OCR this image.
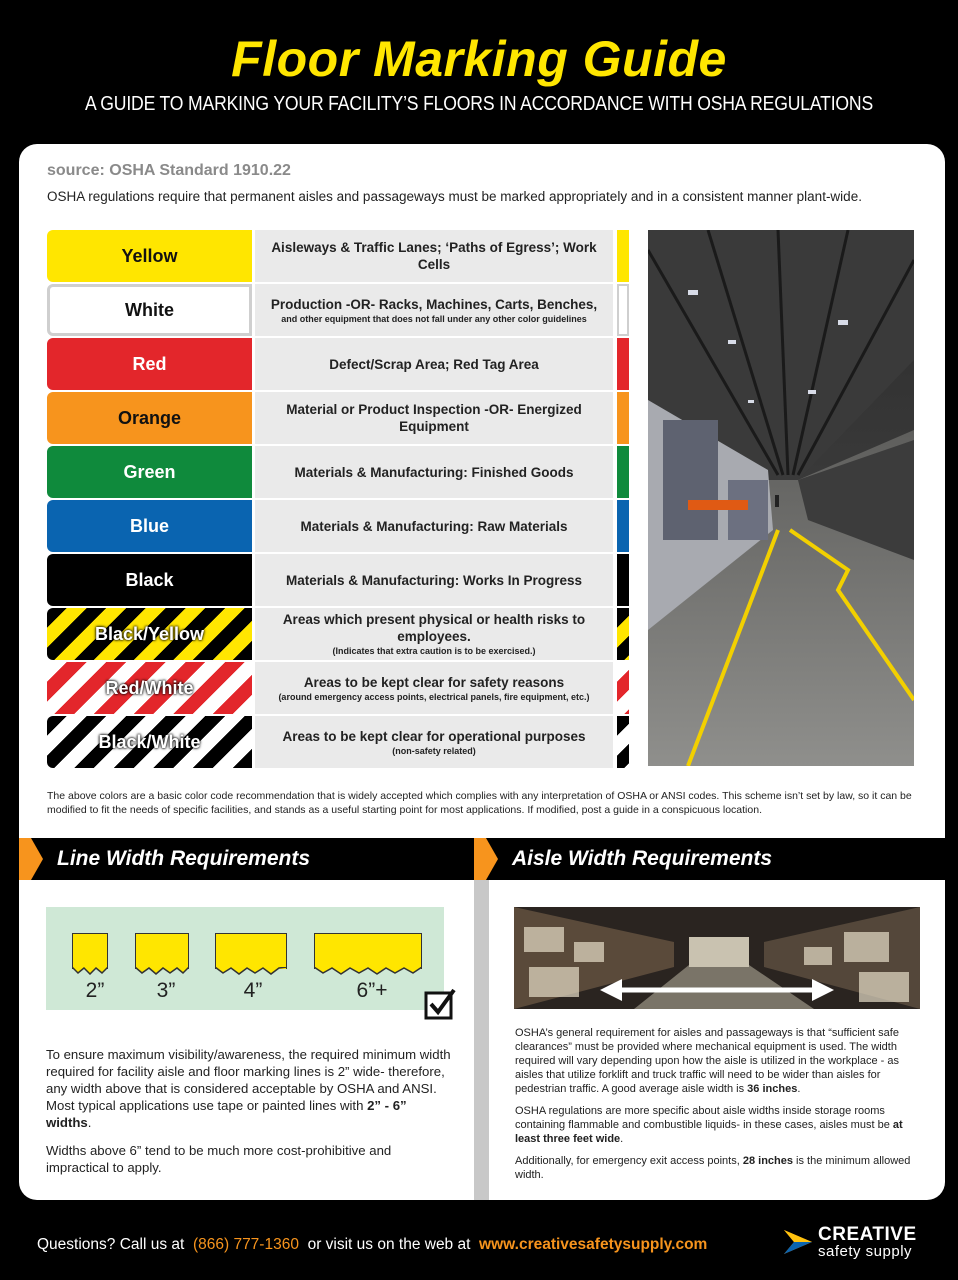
Floor Marking Guide
A GUIDE TO MARKING YOUR FACILITY’S FLOORS IN ACCORDANCE WITH OSHA REGULATIONS
source: OSHA Standard 1910.22
OSHA regulations require that permanent aisles and passageways must be marked appropriately and in a consistent manner plant-wide.
Yellow	Aisleways & Traffic Lanes; ‘Paths of Egress’; Work Cells
White	Production -OR- Racks, Machines, Carts, Benches,
and other equipment that does not fall under any other color guidelines
Red	Defect/Scrap Area; Red Tag Area
Orange	Material or Product Inspection -OR- Energized Equipment
Green	Materials & Manufacturing: Finished Goods
Blue	Materials & Manufacturing: Raw Materials
Black	Materials & Manufacturing: Works In Progress
Black/Yellow
Areas which present physical or health risks to employees.
(Indicates that extra caution is to be exercised.)
Red/White	Areas to be kept clear for safety reasons
(around emergency access points, electrical panels, fire equipment, etc.)
Black/White	Areas to be kept clear for operational purposes
(non-safety related)
The above colors are a basic color code recommendation that is widely accepted which complies with any interpretation of OSHA or ANSI codes. This scheme isn’t set by law, so it can be modified to fit the needs of specific facilities, and stands as a useful starting point for most applications. If modified, post a guide in a conspicuous location.
Line Width Requirements	Aisle Width Requirements
2”	3”	4”	6”+

To ensure maximum visibility/awareness, the required minimum width required for facility aisle and floor marking lines is 2” wide- therefore, any width above that is considered acceptable by OSHA and ANSI. Most typical applications use tape or painted lines with 2” - 6” widths.

Widths above 6” tend to be much more cost-prohibitive and impractical to apply.

OSHA’s general requirement for aisles and passageways is that “sufficient safe clearances” must be provided where mechanical equipment is used. The width required will vary depending upon how the aisle is utilized in the workplace - as aisles that utilize forklift and truck traffic will need to be wider than aisles for pedestrian traffic. A good average aisle width is 36 inches.

OSHA regulations are more specific about aisle widths inside storage rooms containing flammable and combustible liquids- in these cases, aisles must be at least three feet wide.

Additionally, for emergency exit access points, 28 inches is the minimum allowed width.

Questions? Call us at (866) 777-1360 or visit us on the web at www.creativesafetysupply.com	CREATIVE
safety supply
